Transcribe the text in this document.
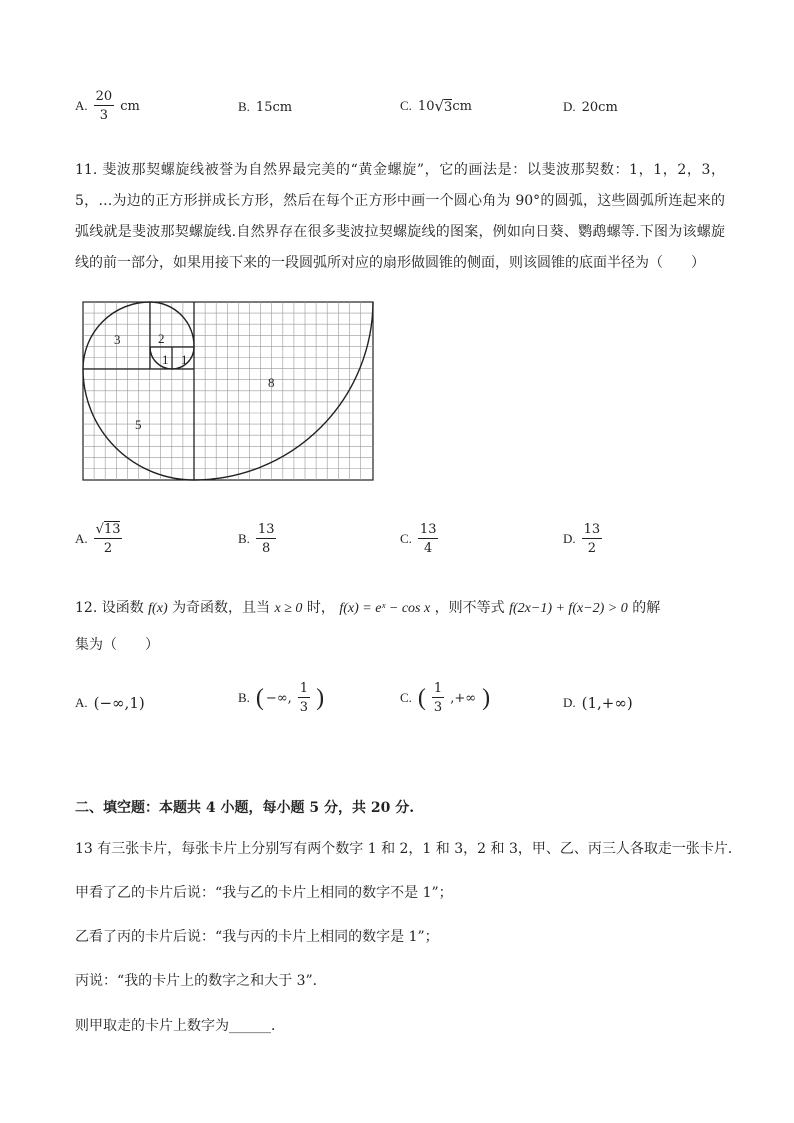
A. $\frac{20}{3}$ cm	B. 15cm	C. 10 √ 3 cm	D. 20cm
11. 斐波那契螺旋线被誉为自然界最完美的“黄金螺旋”，它的画法是：以斐波那契数：1，1，2，3，5，…为边的正方形拼成长方形，然后在每个正方形中画一个圆心角为 90°的圆弧，这些圆弧所连起来的弧线就是斐波那契螺旋线.自然界存在很多斐波拉契螺旋线的图案，例如向日葵、鹦鹉螺等.下图为该螺旋线的前一部分，如果用接下来的一段圆弧所对应的扇形做圆锥的侧面，则该圆锥的底面半径为（　　）
1 1
2
3
5
8
A. $\frac{√13}{2}$	B. $\frac{13}{8}$	C. $\frac{13}{4}$	D. $\frac{13}{2}$
12. 设函数 f(x) 为奇函数，且当 x ≥ 0 时， f(x) = eˣ − cos x ，则不等式 f(2x−1) + f(x−2) > 0 的解
集为（　　）
A. (−∞,1)	B. ( −∞, $\frac{1}{3}$ )	C. ( $\frac{1}{3}$ ,+∞ )	D. (1,+∞)
二、填空题：本题共 4 小题，每小题 5 分，共 20 分.
13 有三张卡片，每张卡片上分别写有两个数字 1 和 2，1 和 3，2 和 3，甲、乙、丙三人各取走一张卡片．
甲看了乙的卡片后说：“我与乙的卡片上相同的数字不是 1”；
乙看了丙的卡片后说：“我与丙的卡片上相同的数字是 1”；
丙说：“我的卡片上的数字之和大于 3”．
则甲取走的卡片上数字为______．
